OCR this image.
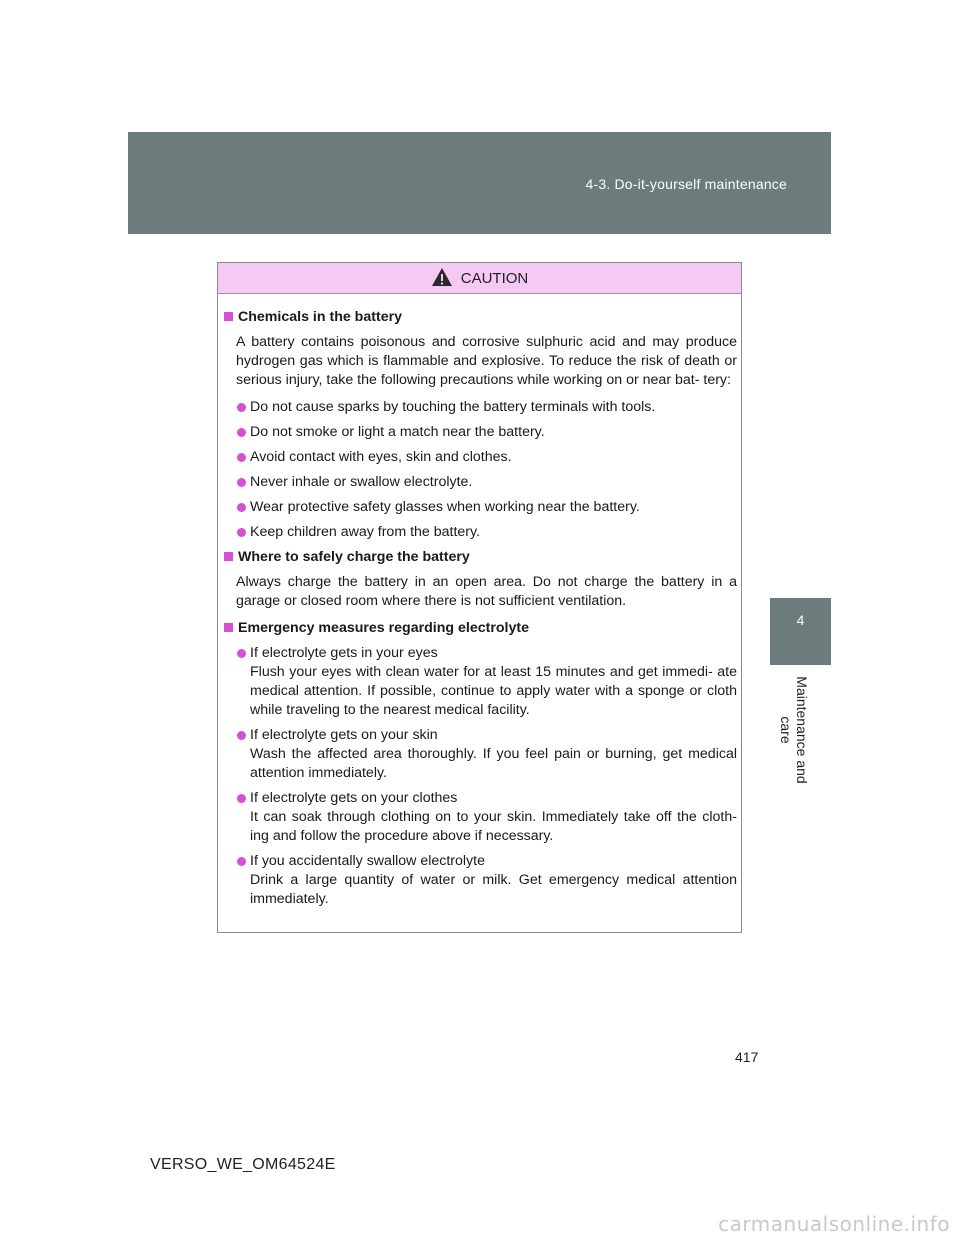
4-3. Do-it-yourself maintenance
4
Maintenance and care
CAUTION
Chemicals in the battery
A battery contains poisonous and corrosive sulphuric acid and may produce hydrogen gas which is flammable and explosive. To reduce the risk of death or serious injury, take the following precautions while working on or near bat- tery:
Do not cause sparks by touching the battery terminals with tools.
Do not smoke or light a match near the battery.
Avoid contact with eyes, skin and clothes.
Never inhale or swallow electrolyte.
Wear protective safety glasses when working near the battery.
Keep children away from the battery.
Where to safely charge the battery
Always charge the battery in an open area. Do not charge the battery in a garage or closed room where there is not sufficient ventilation.
Emergency measures regarding electrolyte
If electrolyte gets in your eyes
Flush your eyes with clean water for at least 15 minutes and get immedi- ate medical attention. If possible, continue to apply water with a sponge or cloth while traveling to the nearest medical facility.
If electrolyte gets on your skin
Wash the affected area thoroughly. If you feel pain or burning, get medical attention immediately.
If electrolyte gets on your clothes
It can soak through clothing on to your skin. Immediately take off the cloth- ing and follow the procedure above if necessary.
If you accidentally swallow electrolyte
Drink a large quantity of water or milk. Get emergency medical attention immediately.
417
VERSO_WE_OM64524E
carmanualsonline.info
